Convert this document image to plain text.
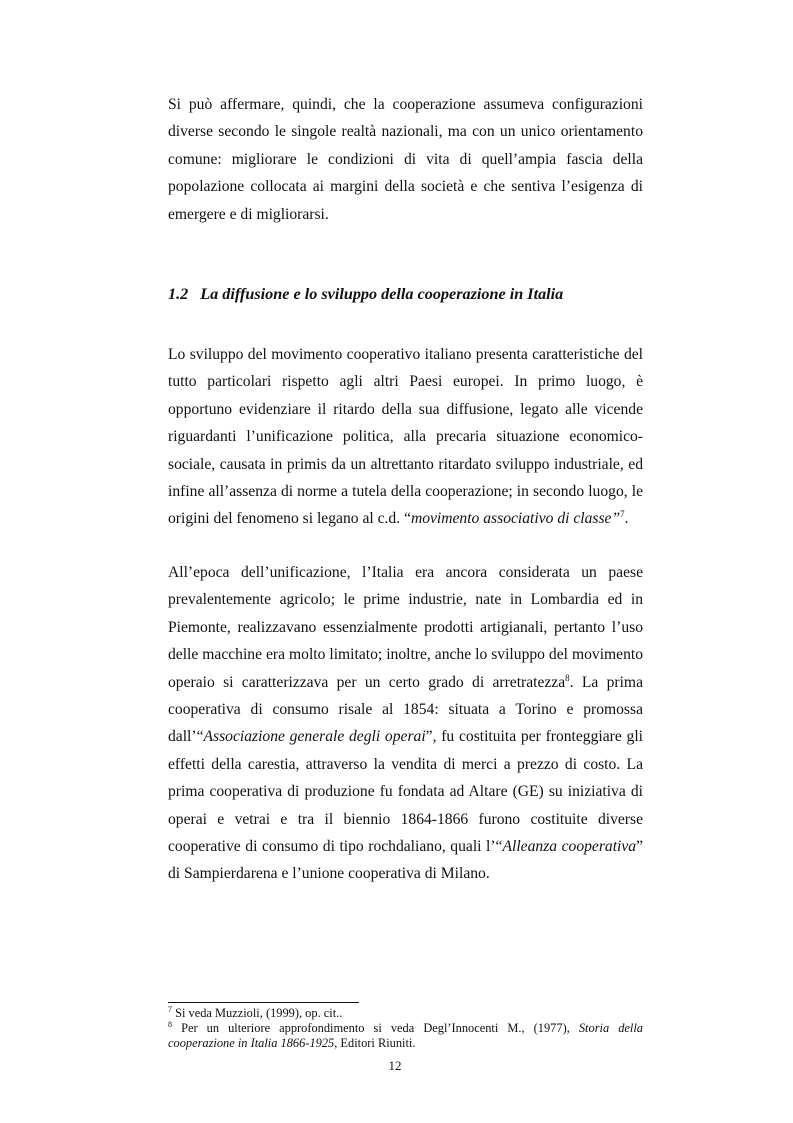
Si può affermare, quindi, che la cooperazione assumeva configurazioni diverse secondo le singole realtà nazionali, ma con un unico orientamento comune: migliorare le condizioni di vita di quell’ampia fascia della popolazione collocata ai margini della società e che sentiva l’esigenza di emergere e di migliorarsi.

1.2 La diffusione e lo sviluppo della cooperazione in Italia

Lo sviluppo del movimento cooperativo italiano presenta caratteristiche del tutto particolari rispetto agli altri Paesi europei. In primo luogo, è opportuno evidenziare il ritardo della sua diffusione, legato alle vicende riguardanti l’unificazione politica, alla precaria situazione economico-sociale, causata in primis da un altrettanto ritardato sviluppo industriale, ed infine all’assenza di norme a tutela della cooperazione; in secondo luogo, le origini del fenomeno si legano al c.d. “movimento associativo di classe”$^7$.

All’epoca dell’unificazione, l’Italia era ancora considerata un paese prevalentemente agricolo; le prime industrie, nate in Lombardia ed in Piemonte, realizzavano essenzialmente prodotti artigianali, pertanto l’uso delle macchine era molto limitato; inoltre, anche lo sviluppo del movimento operaio si caratterizzava per un certo grado di arretratezza$^8$. La prima cooperativa di consumo risale al 1854: situata a Torino e promossa dall’“Associazione generale degli operai”, fu costituita per fronteggiare gli effetti della carestia, attraverso la vendita di merci a prezzo di costo. La prima cooperativa di produzione fu fondata ad Altare (GE) su iniziativa di operai e vetrai e tra il biennio 1864-1866 furono costituite diverse cooperative di consumo di tipo rochdaliano, quali l’“Alleanza cooperativa” di Sampierdarena e l’unione cooperativa di Milano.

$^7$ Si veda Muzzioli, (1999), op. cit..

$^8$ Per un ulteriore approfondimento si veda Degl’Innocenti M., (1977), Storia della cooperazione in Italia 1866-1925, Editori Riuniti.

12
